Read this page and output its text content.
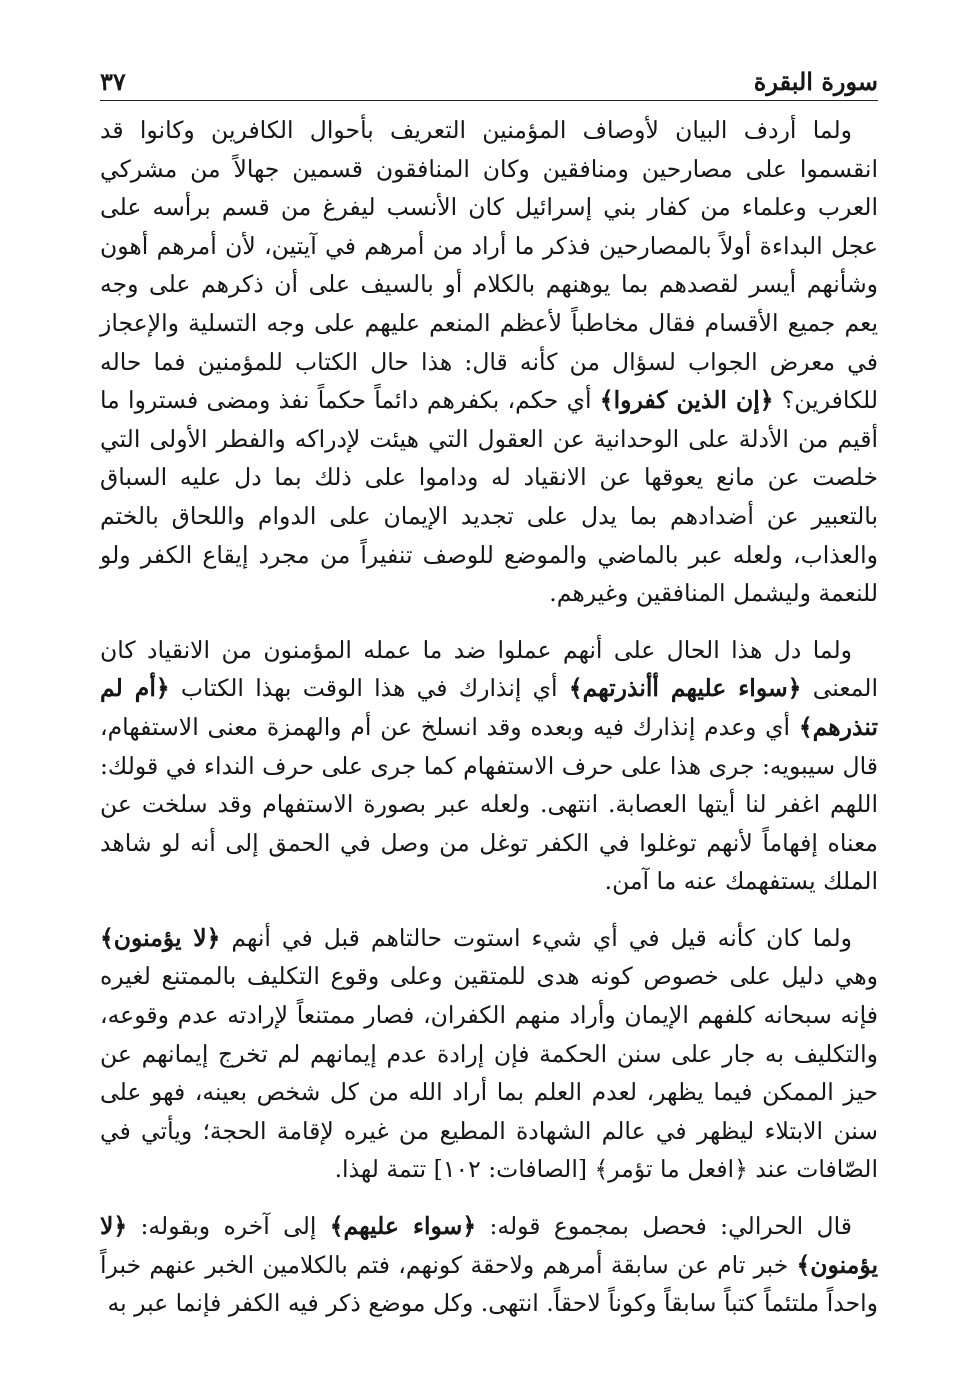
سورة البقرة
٣٧

ولما أردف البيان لأوصاف المؤمنين التعريف بأحوال الكافرين وكانوا قد انقسموا على مصارحين ومنافقين وكان المنافقون قسمين جهالاً من مشركي العرب وعلماء من كفار بني إسرائيل كان الأنسب ليفرغ من قسم برأسه على عجل البداءة أولاً بالمصارحين فذكر ما أراد من أمرهم في آيتين، لأن أمرهم أهون وشأنهم أيسر لقصدهم بما يوهنهم بالكلام أو بالسيف على أن ذكرهم على وجه يعم جميع الأقسام فقال مخاطباً لأعظم المنعم عليهم على وجه التسلية والإعجاز في معرض الجواب لسؤال من كأنه قال: هذا حال الكتاب للمؤمنين فما حاله للكافرين؟ ﴿إن الذين كفروا﴾ أي حكم، بكفرهم دائماً حكماً نفذ ومضى فستروا ما أقيم من الأدلة على الوحدانية عن العقول التي هيئت لإدراكه والفطر الأولى التي خلصت عن مانع يعوقها عن الانقياد له وداموا على ذلك بما دل عليه السباق بالتعبير عن أضدادهم بما يدل على تجديد الإيمان على الدوام واللحاق بالختم والعذاب، ولعله عبر بالماضي والموضع للوصف تنفيراً من مجرد إيقاع الكفر ولو للنعمة وليشمل المنافقين وغيرهم.

ولما دل هذا الحال على أنهم عملوا ضد ما عمله المؤمنون من الانقياد كان المعنى ﴿سواء عليهم أأنذرتهم﴾ أي إنذارك في هذا الوقت بهذا الكتاب ﴿أم لم تنذرهم﴾ أي وعدم إنذارك فيه وبعده وقد انسلخ عن أم والهمزة معنى الاستفهام، قال سيبويه: جرى هذا على حرف الاستفهام كما جرى على حرف النداء في قولك: اللهم اغفر لنا أيتها العصابة. انتهى. ولعله عبر بصورة الاستفهام وقد سلخت عن معناه إفهاماً لأنهم توغلوا في الكفر توغل من وصل في الحمق إلى أنه لو شاهد الملك يستفهمك عنه ما آمن.

ولما كان كأنه قيل في أي شيء استوت حالتاهم قبل في أنهم ﴿لا يؤمنون﴾ وهي دليل على خصوص كونه هدى للمتقين وعلى وقوع التكليف بالممتنع لغيره فإنه سبحانه كلفهم الإيمان وأراد منهم الكفران، فصار ممتنعاً لإرادته عدم وقوعه، والتكليف به جار على سنن الحكمة فإن إرادة عدم إيمانهم لم تخرج إيمانهم عن حيز الممكن فيما يظهر، لعدم العلم بما أراد الله من كل شخص بعينه، فهو على سنن الابتلاء ليظهر في عالم الشهادة المطيع من غيره لإقامة الحجة؛ ويأتي في الصّافات عند ﴿افعل ما تؤمر﴾ [الصافات: ١٠٢] تتمة لهذا.

قال الحرالي: فحصل بمجموع قوله: ﴿سواء عليهم﴾ إلى آخره وبقوله: ﴿لا يؤمنون﴾ خبر تام عن سابقة أمرهم ولاحقة كونهم، فتم بالكلامين الخبر عنهم خبراً واحداً ملتئماً كتباً سابقاً وكوناً لاحقاً. انتهى. وكل موضع ذكر فيه الكفر فإنما عبر به
